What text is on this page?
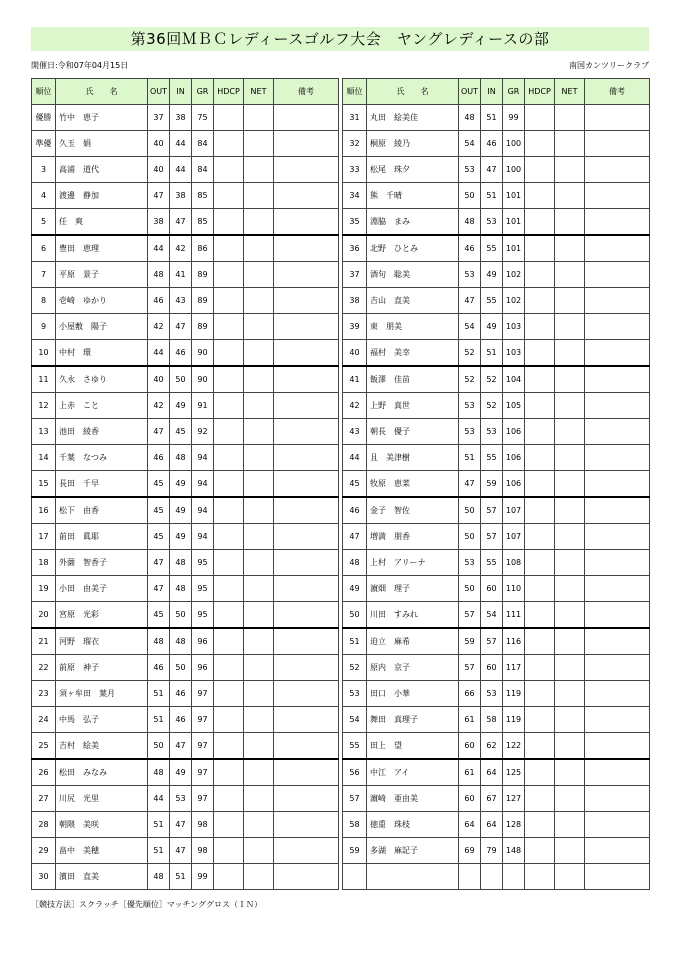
第36回ＭＢＣレディースゴルフ大会　ヤングレディースの部
開催日:令和07年04月15日	南国カンツリークラブ
順位	氏　　名	OUT	IN	GR	HDCP	NET	備考
優勝	竹中　恵子	37	38	75			
準優	久玉　娟	40	44	84			
3	高浦　道代	40	44	84			
4	渡邊　静加	47	38	85			
5	任　爽	38	47	85			
6	豊田　恵理	44	42	86			
7	平原　景子	48	41	89			
8	壱崎　ゆかり	46	43	89			
9	小屋敷　陽子	42	47	89			
10	中村　環	44	46	90			
11	久永　さゆり	40	50	90			
12	上赤　こと	42	49	91			
13	池田　綾香	47	45	92			
14	千葉　なつみ	46	48	94			
15	長田　千早	45	49	94			
16	松下　由香	45	49	94			
17	前田　眞耶	45	49	94			
18	外薗　智香子	47	48	95			
19	小田　由美子	47	48	95			
20	宮原　光彩	45	50	95			
21	河野　瑠衣	48	48	96			
22	前原　神子	46	50	96			
23	須ヶ牟田　葉月	51	46	97			
24	中馬　弘子	51	46	97			
25	吉村　絵美	50	47	97			
26	松田　みなみ	48	49	97			
27	川尻　光里	44	53	97			
28	朝隈　美咲	51	47	98			
29	畠中　美穂	51	47	98			
30	濱田　直美	48	51	99			
順位	氏　　名	OUT	IN	GR	HDCP	NET	備考
31	丸田　絵美佳	48	51	99			
32	桐原　綾乃	54	46	100			
33	松尾　珠夕	53	47	100			
34	熊　千晴	50	51	101			
35	淵脇　まみ	48	53	101			
36	北野　ひとみ	46	55	101			
37	酒句　聡美	53	49	102			
38	吉山　直美	47	55	102			
39	東　朋美	54	49	103			
40	福村　美幸	52	51	103			
41	飯澤　佳苗	52	52	104			
42	上野　真世	53	52	105			
43	朝長　優子	53	53	106			
44	且　美津樹	51	55	106			
45	牧原　恵菜	47	59	106			
46	金子　智佐	50	57	107			
47	増満　朋香	50	57	107			
48	上村　アリーナ	53	55	108			
49	濵畑　理子	50	60	110			
50	川田　すみれ	57	54	111			
51	迫立　麻希	59	57	116			
52	原内　京子	57	60	117			
53	田口　小華	66	53	119			
54	舞田　真理子	61	58	119			
55	田上　望	60	62	122			
56	中江　アイ	61	64	125			
57	濵崎　亜由美	60	67	127			
58	徳重　珠枝	64	64	128			
59	多湖　麻記子	69	79	148			

［競技方法］スクラッチ［優先順位］マッチンググロス（ＩＮ）
